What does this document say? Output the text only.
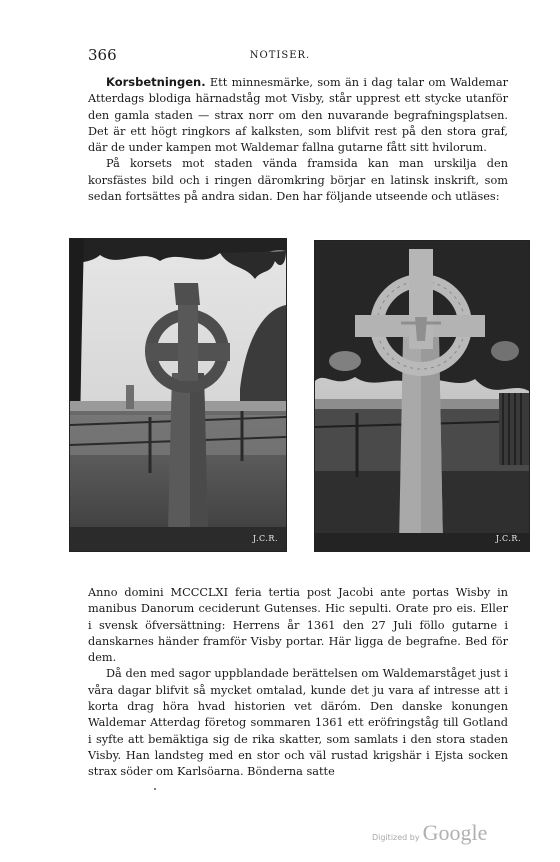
366	NOTISER.

Korsbetningen. Ett minnesmärke, som än i dag talar om Waldemar Atterdags blodiga härnadståg mot Visby, står upprest ett stycke utanför den gamla staden — strax norr om den nuvarande begrafningsplatsen. Det är ett högt ringkors af kalksten, som blifvit rest på den stora graf, där de under kampen mot Waldemar fallna gutarne fått sitt hvilorum.

På korsets mot staden vända framsida kan man urskilja den korsfästes bild och i ringen däromkring börjar en latinsk inskrift, som sedan fortsättes på andra sidan. Den har följande utseende och utläses:

J.C.R.	J.C.R.

Anno domini MCCCLXI feria tertia post Jacobi ante portas Wisby in manibus Danorum ceciderunt Gutenses. Hic sepulti. Orate pro eis. Eller i svensk öfversättning: Herrens år 1361 den 27 Juli föllo gutarne i danskarnes händer framför Visby portar. Här ligga de begrafne. Bed för dem.

Då den med sagor uppblandade berättelsen om Waldemarståget just i våra dagar blifvit så mycket omtalad, kunde det ju vara af intresse att i korta drag höra hvad historien vet däróm. Den danske konungen Waldemar Atterdag företog sommaren 1361 ett eröfringståg till Gotland i syfte att bemäktiga sig de rika skatter, som samlats i den stora staden Visby. Han landsteg med en stor och väl rustad krigshär i Ejsta socken strax söder om Karlsöarna. Bönderna satte

Digitized by Google
